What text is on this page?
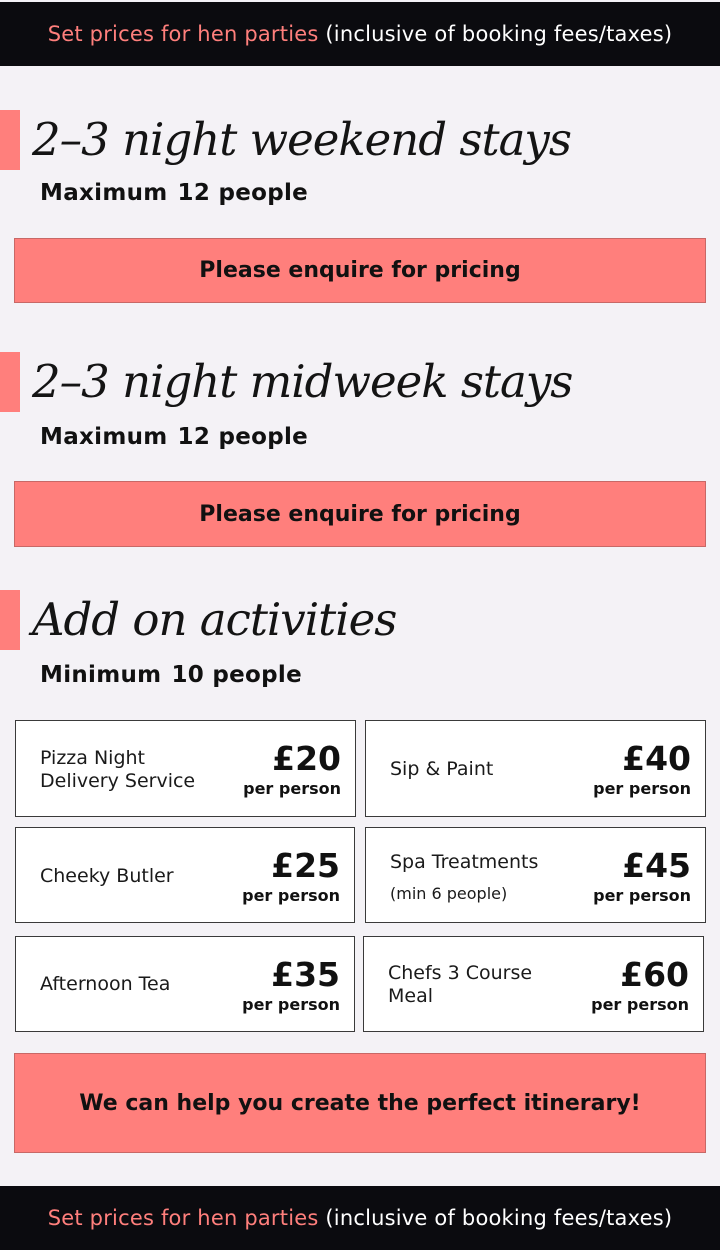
Set prices for hen parties
(inclusive of booking fees/taxes)
2–3 night weekend stays
Maximum 12 people
Please enquire for pricing
2–3 night midweek stays
Maximum 12 people
Please enquire for pricing
Add on activities
Minimum 10 people
Pizza Night
Delivery Service
£20
per person
Sip & Paint	£40
per person
Cheeky Butler	£25
per person
Spa Treatments
(min 6 people)
£45
per person
Afternoon Tea	£35
per person
Chefs 3 Course
Meal
£60
per person
We can help you create the perfect itinerary!
Set prices for hen parties
(inclusive of booking fees/taxes)
